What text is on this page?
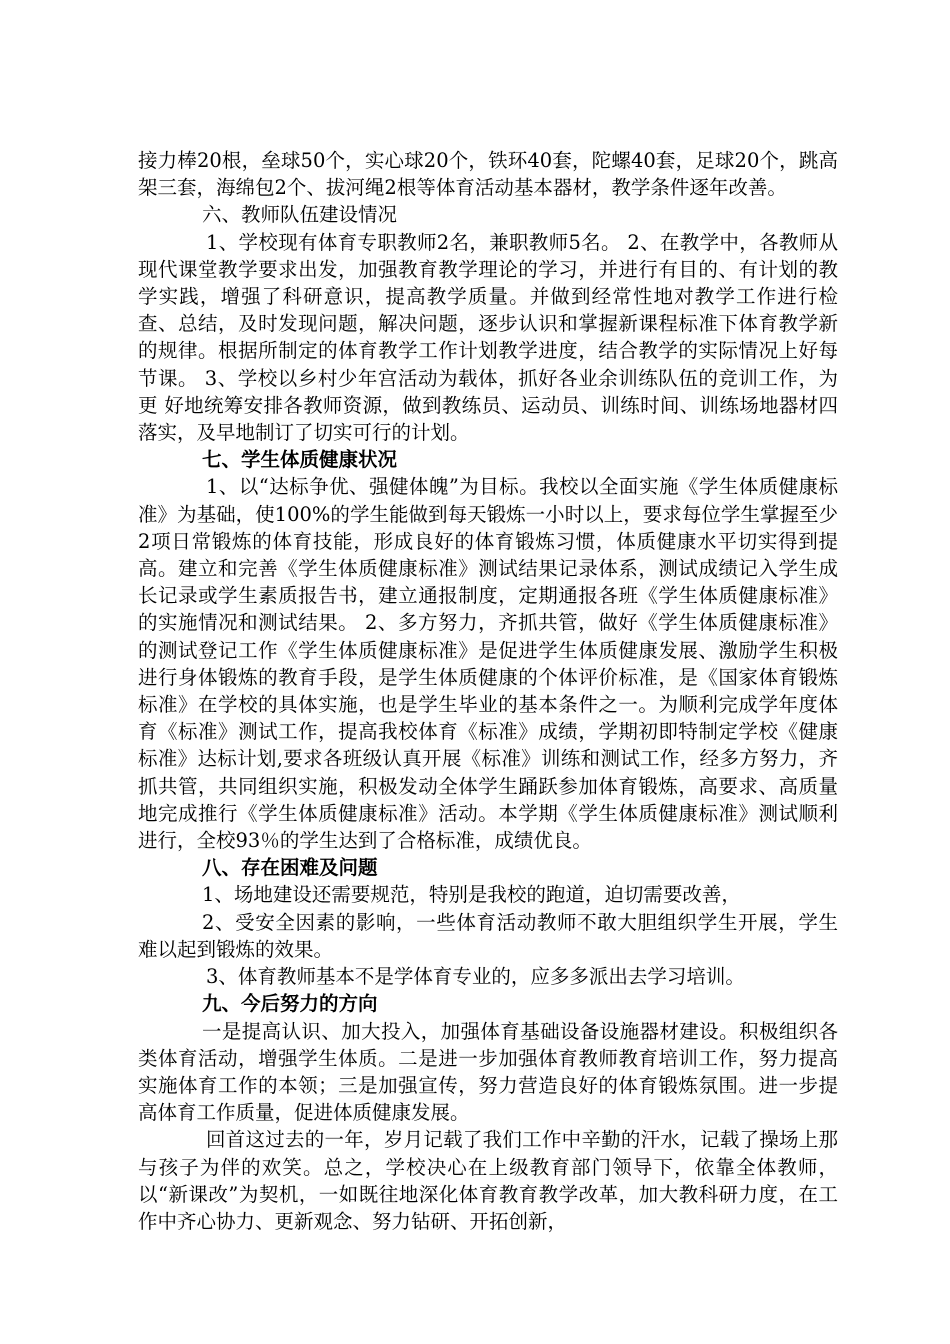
接力棒20根，垒球50个，实心球20个，铁环40套，陀螺40套，足球20个，跳高架三套，海绵包2个、拔河绳2根等体育活动基本器材，教学条件逐年改善。

六、教师队伍建设情况

1、学校现有体育专职教师2名，兼职教师5名。 2、在教学中，各教师从现代课堂教学要求出发，加强教育教学理论的学习，并进行有目的、有计划的教学实践，增强了科研意识，提高教学质量。并做到经常性地对教学工作进行检查、总结，及时发现问题，解决问题，逐步认识和掌握新课程标准下体育教学新的规律。根据所制定的体育教学工作计划教学进度，结合教学的实际情况上好每节课。 3、学校以乡村少年宫活动为载体，抓好各业余训练队伍的竞训工作，为更 好地统筹安排各教师资源，做到教练员、运动员、训练时间、训练场地器材四落实，及早地制订了切实可行的计划。

七、学生体质健康状况

1、以“达标争优、强健体魄”为目标。我校以全面实施《学生体质健康标准》为基础，使100%的学生能做到每天锻炼一小时以上，要求每位学生掌握至少2项日常锻炼的体育技能，形成良好的体育锻炼习惯，体质健康水平切实得到提高。建立和完善《学生体质健康标准》测试结果记录体系，测试成绩记入学生成长记录或学生素质报告书，建立通报制度，定期通报各班《学生体质健康标准》的实施情况和测试结果。 2、多方努力，齐抓共管，做好《学生体质健康标准》的测试登记工作《学生体质健康标准》是促进学生体质健康发展、激励学生积极进行身体锻炼的教育手段，是学生体质健康的个体评价标准，是《国家体育锻炼标准》在学校的具体实施，也是学生毕业的基本条件之一。为顺利完成学年度体育《标准》测试工作，提高我校体育《标准》成绩，学期初即特制定学校《健康标准》达标计划,要求各班级认真开展《标准》训练和测试工作，经多方努力，齐抓共管，共同组织实施，积极发动全体学生踊跃参加体育锻炼，高要求、高质量地完成推行《学生体质健康标准》活动。本学期《学生体质健康标准》测试顺利进行，全校93％的学生达到了合格标准，成绩优良。

八、存在困难及问题

1、场地建设还需要规范，特别是我校的跑道，迫切需要改善，

2、受安全因素的影响，一些体育活动教师不敢大胆组织学生开展，学生难以起到锻炼的效果。

3、体育教师基本不是学体育专业的，应多多派出去学习培训。

九、今后努力的方向

一是提高认识、加大投入，加强体育基础设备设施器材建设。积极组织各类体育活动，增强学生体质。二是进一步加强体育教师教育培训工作，努力提高实施体育工作的本领；三是加强宣传，努力营造良好的体育锻炼氛围。进一步提高体育工作质量，促进体质健康发展。

回首这过去的一年，岁月记载了我们工作中辛勤的汗水，记载了操场上那与孩子为伴的欢笑。总之，学校决心在上级教育部门领导下，依靠全体教师，以“新课改”为契机，一如既往地深化体育教育教学改革，加大教科研力度，在工作中齐心协力、更新观念、努力钻研、开拓创新，
